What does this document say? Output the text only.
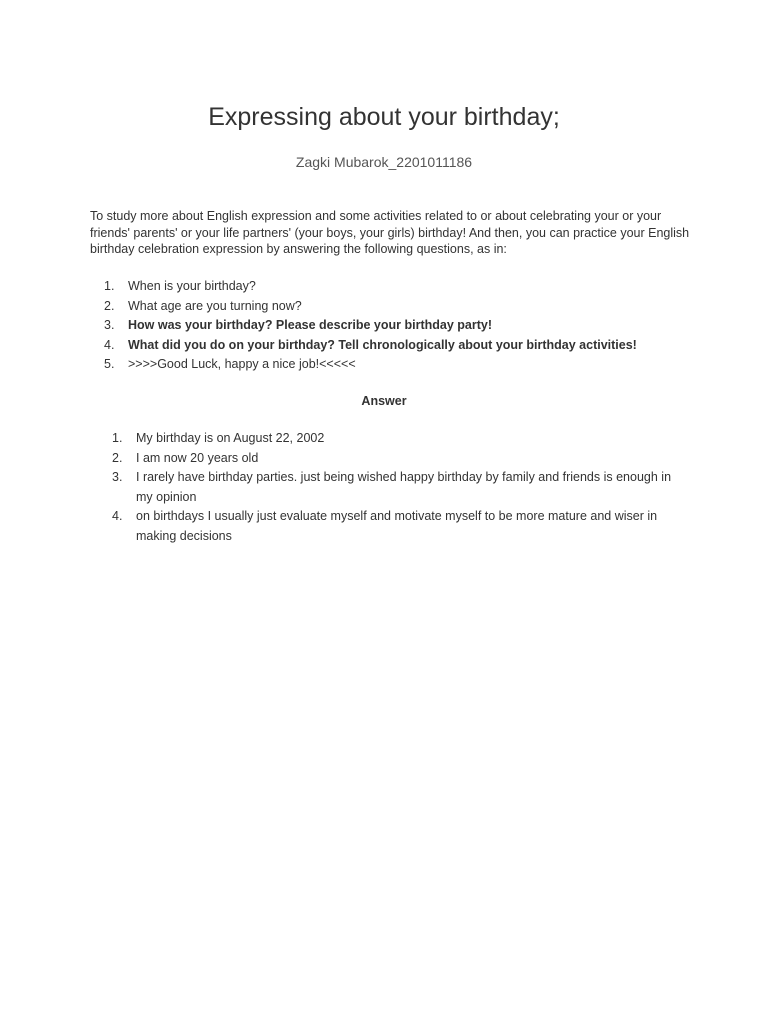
Expressing about your birthday;

Zagki Mubarok_2201011186

To study more about English expression and some activities related to or about celebrating your or your friends' parents' or your life partners' (your boys, your girls) birthday! And then, you can practice your English birthday celebration expression by answering the following questions, as in:

1.	When is your birthday?
2.	What age are you turning now?
3.	How was your birthday? Please describe your birthday party!
4.	What did you do on your birthday? Tell chronologically about your birthday activities!
5.	>>>>Good Luck, happy a nice job!<<<<<

Answer

1.	My birthday is on August 22, 2002
2.	I am now 20 years old
3.	I rarely have birthday parties. just being wished happy birthday by family and friends is enough in my opinion
4.	on birthdays I usually just evaluate myself and motivate myself to be more mature and wiser in making decisions
